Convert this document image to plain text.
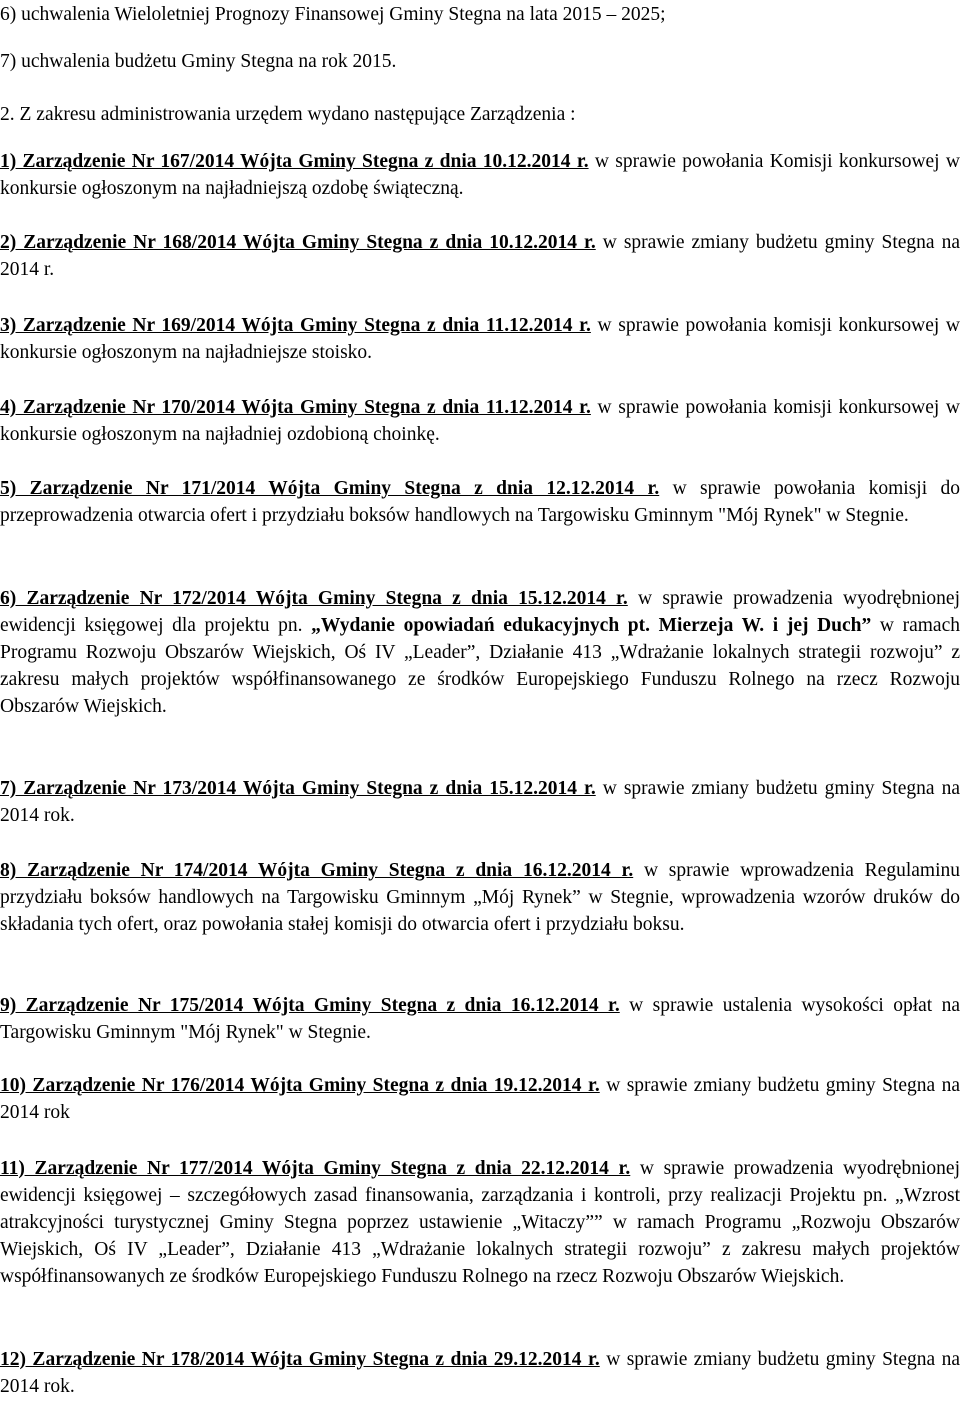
6) uchwalenia Wieloletniej Prognozy Finansowej Gminy Stegna na lata 2015 – 2025;
7) uchwalenia budżetu Gminy Stegna na rok 2015.
2. Z zakresu administrowania urzędem wydano następujące Zarządzenia :
1) Zarządzenie Nr 167/2014 Wójta Gminy Stegna z dnia 10.12.2014 r. w sprawie powołania Komisji konkursowej w konkursie ogłoszonym na najładniejszą ozdobę świąteczną.
2) Zarządzenie Nr 168/2014 Wójta Gminy Stegna z dnia 10.12.2014 r. w sprawie zmiany budżetu gminy Stegna na 2014 r.
3) Zarządzenie Nr 169/2014 Wójta Gminy Stegna z dnia 11.12.2014 r. w sprawie powołania komisji konkursowej w konkursie ogłoszonym na najładniejsze stoisko.
4) Zarządzenie Nr 170/2014 Wójta Gminy Stegna z dnia 11.12.2014 r. w sprawie powołania komisji konkursowej w konkursie ogłoszonym na najładniej ozdobioną choinkę.
5) Zarządzenie Nr 171/2014 Wójta Gminy Stegna z dnia 12.12.2014 r. w sprawie powołania komisji do przeprowadzenia otwarcia ofert i przydziału boksów handlowych na Targowisku Gminnym "Mój Rynek" w Stegnie.
6) Zarządzenie Nr 172/2014 Wójta Gminy Stegna z dnia 15.12.2014 r. w sprawie prowadzenia wyodrębnionej ewidencji księgowej dla projektu pn. „Wydanie opowiadań edukacyjnych pt. Mierzeja W. i jej Duch” w ramach Programu Rozwoju Obszarów Wiejskich, Oś IV „Leader”, Działanie 413 „Wdrażanie lokalnych strategii rozwoju” z zakresu małych projektów współfinansowanego ze środków Europejskiego Funduszu Rolnego na rzecz Rozwoju Obszarów Wiejskich.
7) Zarządzenie Nr 173/2014 Wójta Gminy Stegna z dnia 15.12.2014 r. w sprawie zmiany budżetu gminy Stegna na 2014 rok.
8) Zarządzenie Nr 174/2014 Wójta Gminy Stegna z dnia 16.12.2014 r. w sprawie wprowadzenia Regulaminu przydziału boksów handlowych na Targowisku Gminnym „Mój Rynek” w Stegnie, wprowadzenia wzorów druków do składania tych ofert, oraz powołania stałej komisji do otwarcia ofert i przydziału boksu.
9) Zarządzenie Nr 175/2014 Wójta Gminy Stegna z dnia 16.12.2014 r. w sprawie ustalenia wysokości opłat na Targowisku Gminnym "Mój Rynek" w Stegnie.
10) Zarządzenie Nr 176/2014 Wójta Gminy Stegna z dnia 19.12.2014 r. w sprawie zmiany budżetu gminy Stegna na 2014 rok
11) Zarządzenie Nr 177/2014 Wójta Gminy Stegna z dnia 22.12.2014 r. w sprawie prowadzenia wyodrębnionej ewidencji księgowej – szczegółowych zasad finansowania, zarządzania i kontroli, przy realizacji Projektu pn. „Wzrost atrakcyjności turystycznej Gminy Stegna poprzez ustawienie „Witaczy”” w ramach Programu „Rozwoju Obszarów Wiejskich, Oś IV „Leader”, Działanie 413 „Wdrażanie lokalnych strategii rozwoju” z zakresu małych projektów współfinansowanych ze środków Europejskiego Funduszu Rolnego na rzecz Rozwoju Obszarów Wiejskich.
12) Zarządzenie Nr 178/2014 Wójta Gminy Stegna z dnia 29.12.2014 r. w sprawie zmiany budżetu gminy Stegna na 2014 rok.
